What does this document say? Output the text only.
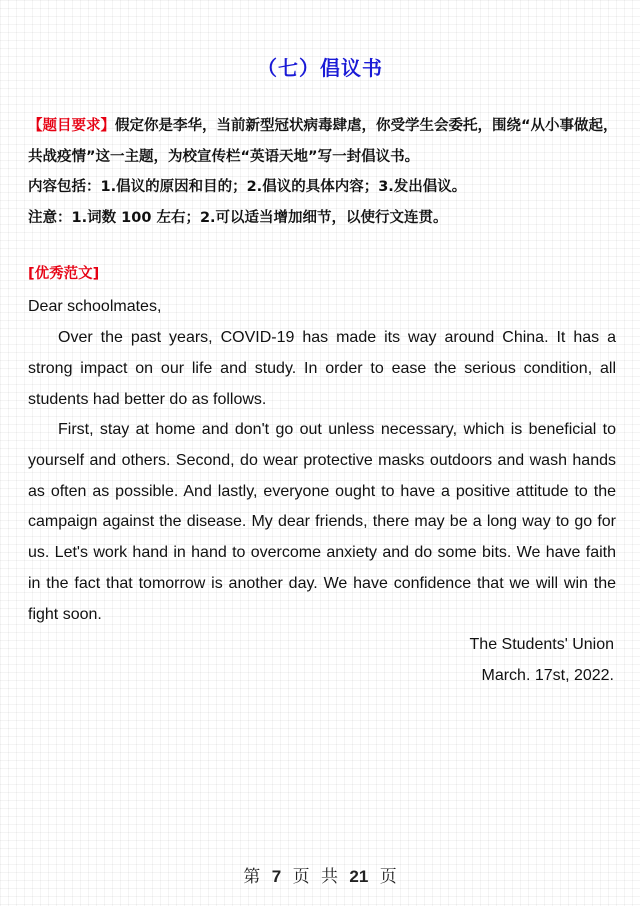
（七）倡议书
【题目要求】假定你是李华，当前新型冠状病毒肆虐，你受学生会委托，围绕“从小事做起，共战疫情”这一主题，为校宣传栏“英语天地”写一封倡议书。
内容包括：1.倡议的原因和目的；2.倡议的具体内容；3.发出倡议。
注意：1.词数 100 左右；2.可以适当增加细节，以使行文连贯。
[优秀范文]
Dear schoolmates,
Over the past years, COVID-19 has made its way around China. It has a strong impact on our life and study. In order to ease the serious condition, all students had better do as follows.
First, stay at home and don't go out unless necessary, which is beneficial to yourself and others. Second, do wear protective masks outdoors and wash hands as often as possible. And lastly, everyone ought to have a positive attitude to the campaign against the disease. My dear friends, there may be a long way to go for us. Let's work hand in hand to overcome anxiety and do some bits. We have faith in the fact that tomorrow is another day. We have confidence that we will win the fight soon.
The Students' Union
March. 17st, 2022.
第 7 页 共 21 页
